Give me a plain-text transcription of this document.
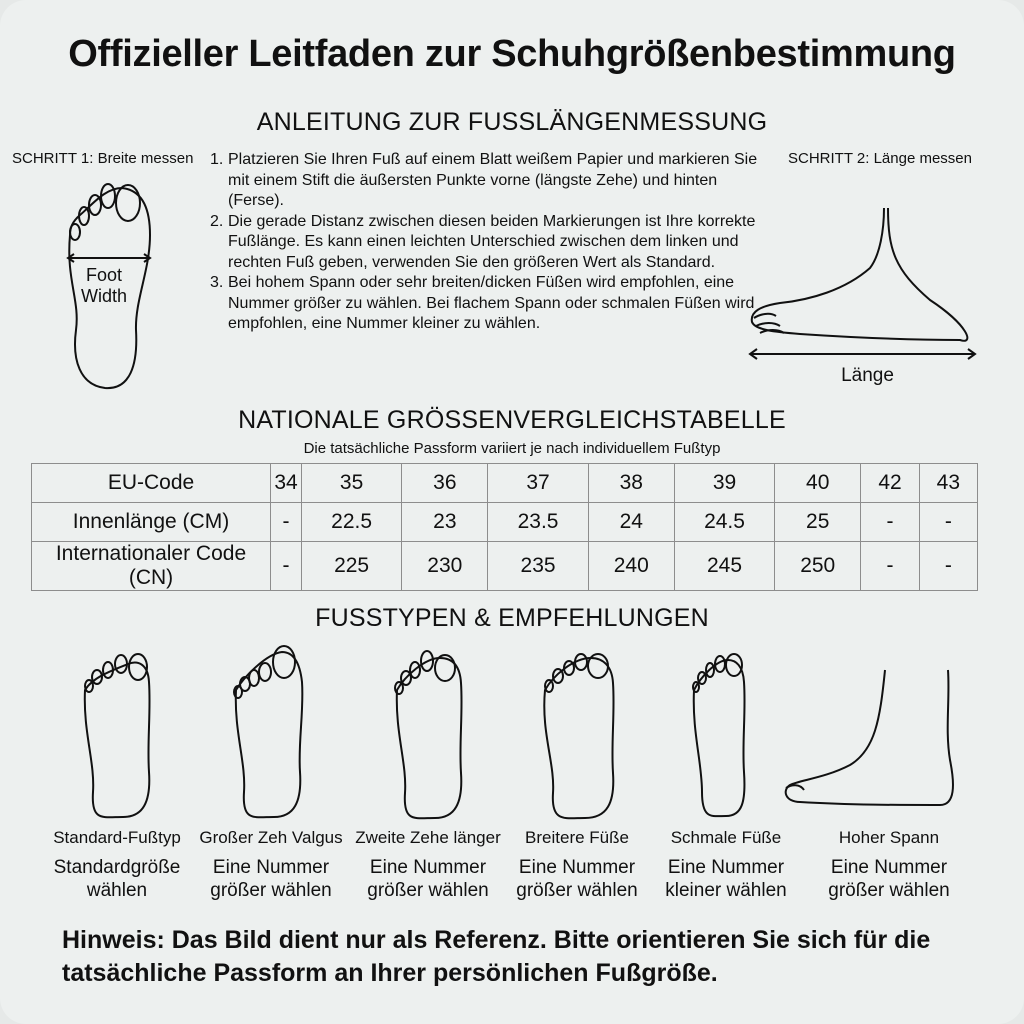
Offizieller Leitfaden zur Schuhgrößenbestimmung
ANLEITUNG ZUR FUSSLÄNGENMESSUNG
SCHRITT 1: Breite messen	SCHRITT 2: Länge messen
1. Platzieren Sie Ihren Fuß auf einem Blatt weißem Papier und markieren Sie mit einem Stift die äußersten Punkte vorne (längste Zehe) und hinten (Ferse).
2. Die gerade Distanz zwischen diesen beiden Markierungen ist Ihre korrekte Fußlänge. Es kann einen leichten Unterschied zwischen dem linken und rechten Fuß geben, verwenden Sie den größeren Wert als Standard.
3. Bei hohem Spann oder sehr breiten/dicken Füßen wird empfohlen, eine Nummer größer zu wählen. Bei flachem Spann oder schmalen Füßen wird empfohlen, eine Nummer kleiner zu wählen.
Foot
Width
Länge
NATIONALE GRÖSSENVERGLEICHSTABELLE
Die tatsächliche Passform variiert je nach individuellem Fußtyp
EU-Code	34	35	36	37	38	39	40	42	43
Innenlänge (CM)	-	22.5	23	23.5	24	24.5	25	-	-
Internationaler Code (CN)	-	225	230	235	240	245	250	-	-
FUSSTYPEN & EMPFEHLUNGEN
Standard-Fußtyp
Standardgröße
wählen
Großer Zeh Valgus
Eine Nummer
größer wählen
Zweite Zehe länger
Eine Nummer
größer wählen
Breitere Füße
Eine Nummer
größer wählen
Schmale Füße
Eine Nummer
kleiner wählen
Hoher Spann
Eine Nummer
größer wählen
Hinweis: Das Bild dient nur als Referenz. Bitte orientieren Sie sich für die tatsächliche Passform an Ihrer persönlichen Fußgröße.
